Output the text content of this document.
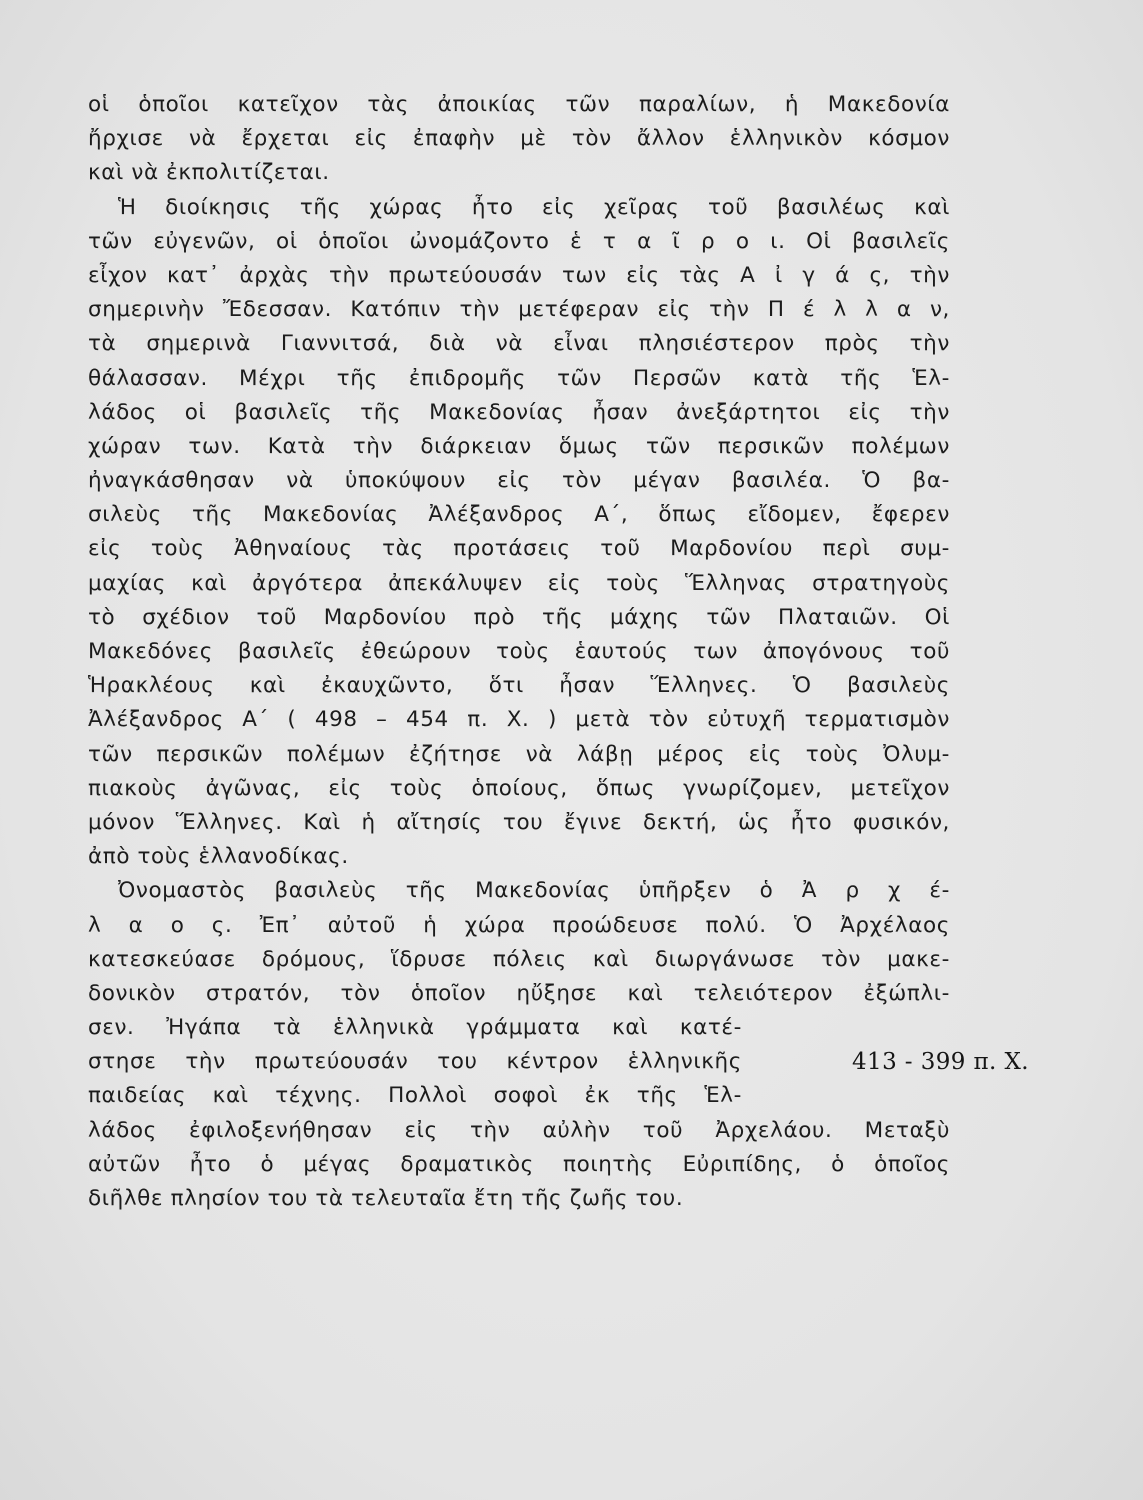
οἱ ὁποῖοι κατεῖχον τὰς ἀποικίας τῶν παραλίων, ἡ Μακεδονία
ἤρχισε νὰ ἔρχεται εἰς ἐπαφὴν μὲ τὸν ἄλλον ἑλληνικὸν κόσμον
καὶ νὰ ἐκπολιτίζεται.
Ἡ διοίκησις τῆς χώρας ἦτο εἰς χεῖρας τοῦ βασιλέως καὶ
τῶν εὐγενῶν, οἱ ὁποῖοι ὠνομάζοντο ἑ τ α ῖ ρ ο ι. Οἱ βασιλεῖς
εἶχον κατ᾽ ἀρχὰς τὴν πρωτεύουσάν των εἰς τὰς Α ἰ γ ά ς, τὴν
σημερινὴν Ἔδεσσαν. Κατόπιν τὴν μετέφεραν εἰς τὴν Π έ λ λ α ν,
τὰ σημερινὰ Γιαννιτσά, διὰ νὰ εἶναι πλησιέστερον πρὸς τὴν
θάλασσαν. Μέχρι τῆς ἐπιδρομῆς τῶν Περσῶν κατὰ τῆς Ἑλ-
λάδος οἱ βασιλεῖς τῆς Μακεδονίας ἦσαν ἀνεξάρτητοι εἰς τὴν
χώραν των. Κατὰ τὴν διάρκειαν ὅμως τῶν περσικῶν πολέμων
ἠναγκάσθησαν νὰ ὑποκύψουν εἰς τὸν μέγαν βασιλέα. Ὁ βα-
σιλεὺς τῆς Μακεδονίας Ἀλέξανδρος Α΄, ὅπως εἴδομεν, ἔφερεν
εἰς τοὺς Ἀθηναίους τὰς προτάσεις τοῦ Μαρδονίου περὶ συμ-
μαχίας καὶ ἀργότερα ἀπεκάλυψεν εἰς τοὺς Ἕλληνας στρατηγοὺς
τὸ σχέδιον τοῦ Μαρδονίου πρὸ τῆς μάχης τῶν Πλαταιῶν. Οἱ
Μακεδόνες βασιλεῖς ἐθεώρουν τοὺς ἑαυτούς των ἀπογόνους τοῦ
Ἡρακλέους καὶ ἐκαυχῶντο, ὅτι ἦσαν Ἕλληνες. Ὁ βασιλεὺς
Ἀλέξανδρος Α΄ ( 498 – 454 π. Χ. ) μετὰ τὸν εὐτυχῆ τερματισμὸν
τῶν περσικῶν πολέμων ἐζήτησε νὰ λάβῃ μέρος εἰς τοὺς Ὀλυμ-
πιακοὺς ἀγῶνας, εἰς τοὺς ὁποίους, ὅπως γνωρίζομεν, μετεῖχον
μόνον Ἕλληνες. Καὶ ἡ αἴτησίς του ἔγινε δεκτή, ὡς ἦτο φυσικόν,
ἀπὸ τοὺς ἑλλανοδίκας.
Ὀνομαστὸς βασιλεὺς τῆς Μακεδονίας ὑπῆρξεν ὁ Ἀ ρ χ έ-
λ α ο ς. Ἐπ᾽ αὐτοῦ ἡ χώρα προώδευσε πολύ. Ὁ Ἀρχέλαος
κατεσκεύασε δρόμους, ἵδρυσε πόλεις καὶ διωργάνωσε τὸν μακε-
δονικὸν στρατόν, τὸν ὁποῖον ηὔξησε καὶ τελειότερον ἐξώπλι-
σεν. Ἠγάπα τὰ ἑλληνικὰ γράμματα καὶ κατέ-
στησε τὴν πρωτεύουσάν του κέντρον ἑλληνικῆς	413 - 399 π. Χ.
παιδείας καὶ τέχνης. Πολλοὶ σοφοὶ ἐκ τῆς Ἑλ-
λάδος ἐφιλοξενήθησαν εἰς τὴν αὐλὴν τοῦ Ἀρχελάου. Μεταξὺ
αὐτῶν ἦτο ὁ μέγας δραματικὸς ποιητὴς Εὐριπίδης, ὁ ὁποῖος
διῆλθε πλησίον του τὰ τελευταῖα ἔτη τῆς ζωῆς του.
